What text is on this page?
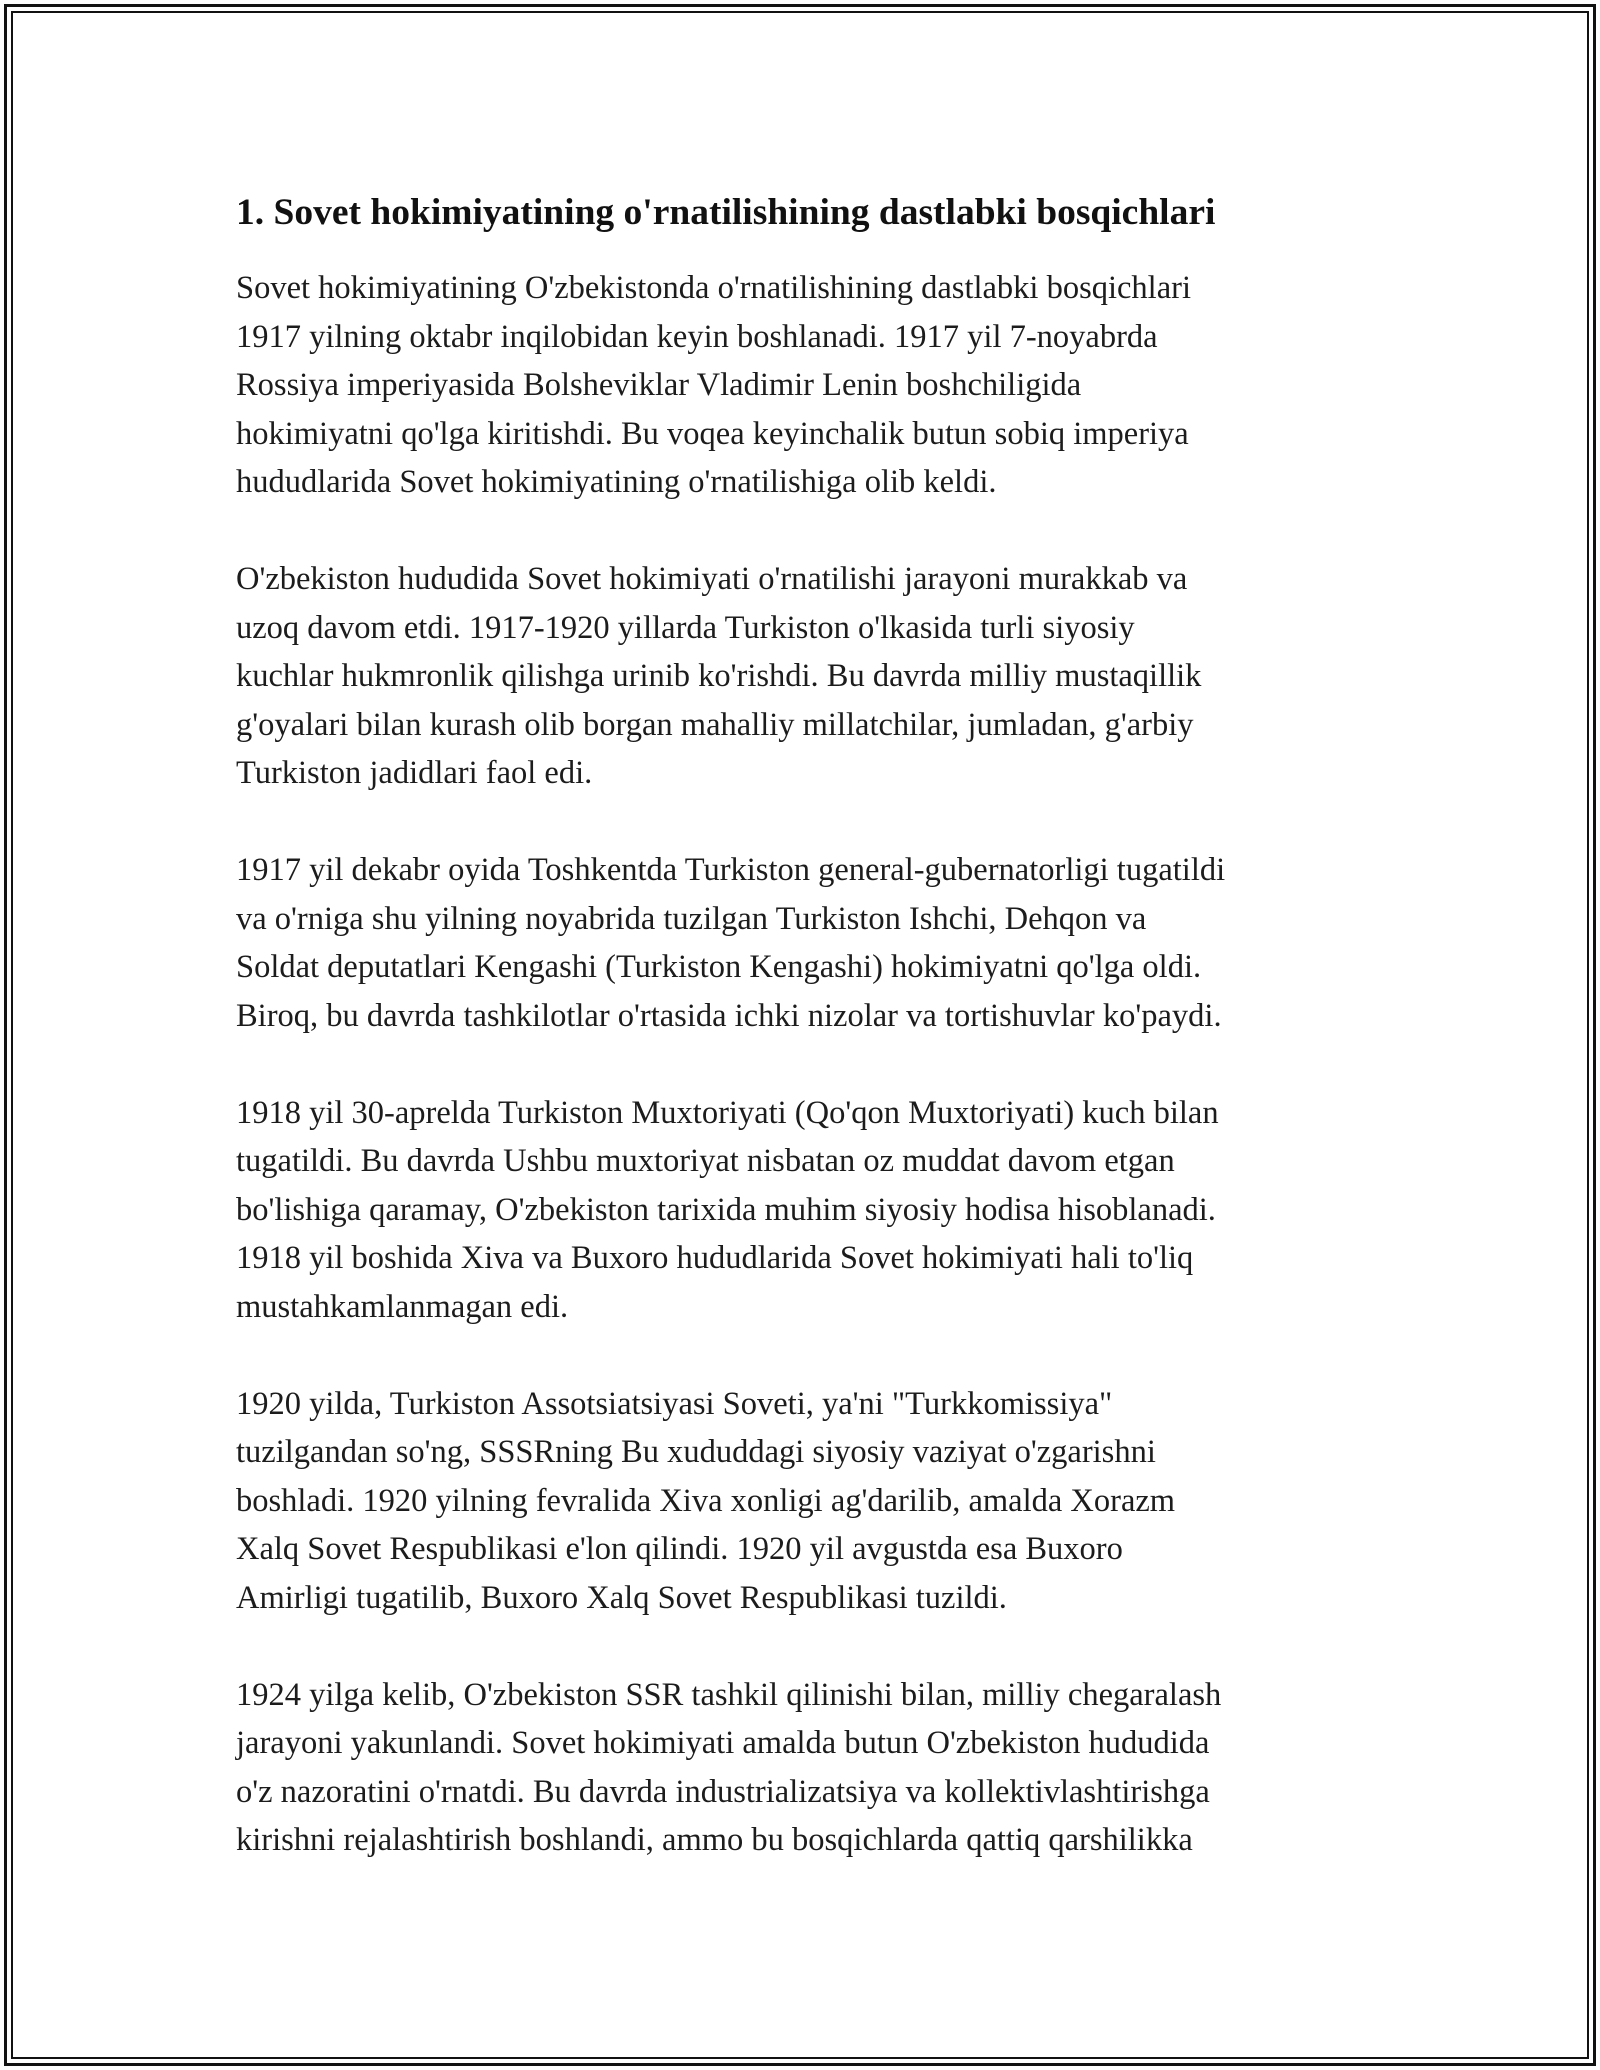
1. Sovet hokimiyatining o'rnatilishining dastlabki bosqichlari

Sovet hokimiyatining O'zbekistonda o'rnatilishining dastlabki bosqichlari
1917 yilning oktabr inqilobidan keyin boshlanadi. 1917 yil 7-noyabrda
Rossiya imperiyasida Bolsheviklar Vladimir Lenin boshchiligida
hokimiyatni qo'lga kiritishdi. Bu voqea keyinchalik butun sobiq imperiya
hududlarida Sovet hokimiyatining o'rnatilishiga olib keldi.

O'zbekiston hududida Sovet hokimiyati o'rnatilishi jarayoni murakkab va
uzoq davom etdi. 1917-1920 yillarda Turkiston o'lkasida turli siyosiy
kuchlar hukmronlik qilishga urinib ko'rishdi. Bu davrda milliy mustaqillik
g'oyalari bilan kurash olib borgan mahalliy millatchilar, jumladan, g'arbiy
Turkiston jadidlari faol edi.

1917 yil dekabr oyida Toshkentda Turkiston general-gubernatorligi tugatildi
va o'rniga shu yilning noyabrida tuzilgan Turkiston Ishchi, Dehqon va
Soldat deputatlari Kengashi (Turkiston Kengashi) hokimiyatni qo'lga oldi.
Biroq, bu davrda tashkilotlar o'rtasida ichki nizolar va tortishuvlar ko'paydi.

1918 yil 30-aprelda Turkiston Muxtoriyati (Qo'qon Muxtoriyati) kuch bilan
tugatildi. Bu davrda Ushbu muxtoriyat nisbatan oz muddat davom etgan
bo'lishiga qaramay, O'zbekiston tarixida muhim siyosiy hodisa hisoblanadi.
1918 yil boshida Xiva va Buxoro hududlarida Sovet hokimiyati hali to'liq
mustahkamlanmagan edi.

1920 yilda, Turkiston Assotsiatsiyasi Soveti, ya'ni "Turkkomissiya"
tuzilgandan so'ng, SSSRning Bu xududdagi siyosiy vaziyat o'zgarishni
boshladi. 1920 yilning fevralida Xiva xonligi ag'darilib, amalda Xorazm
Xalq Sovet Respublikasi e'lon qilindi. 1920 yil avgustda esa Buxoro
Amirligi tugatilib, Buxoro Xalq Sovet Respublikasi tuzildi.

1924 yilga kelib, O'zbekiston SSR tashkil qilinishi bilan, milliy chegaralash
jarayoni yakunlandi. Sovet hokimiyati amalda butun O'zbekiston hududida
o'z nazoratini o'rnatdi. Bu davrda industrializatsiya va kollektivlashtirishga
kirishni rejalashtirish boshlandi, ammo bu bosqichlarda qattiq qarshilikka
